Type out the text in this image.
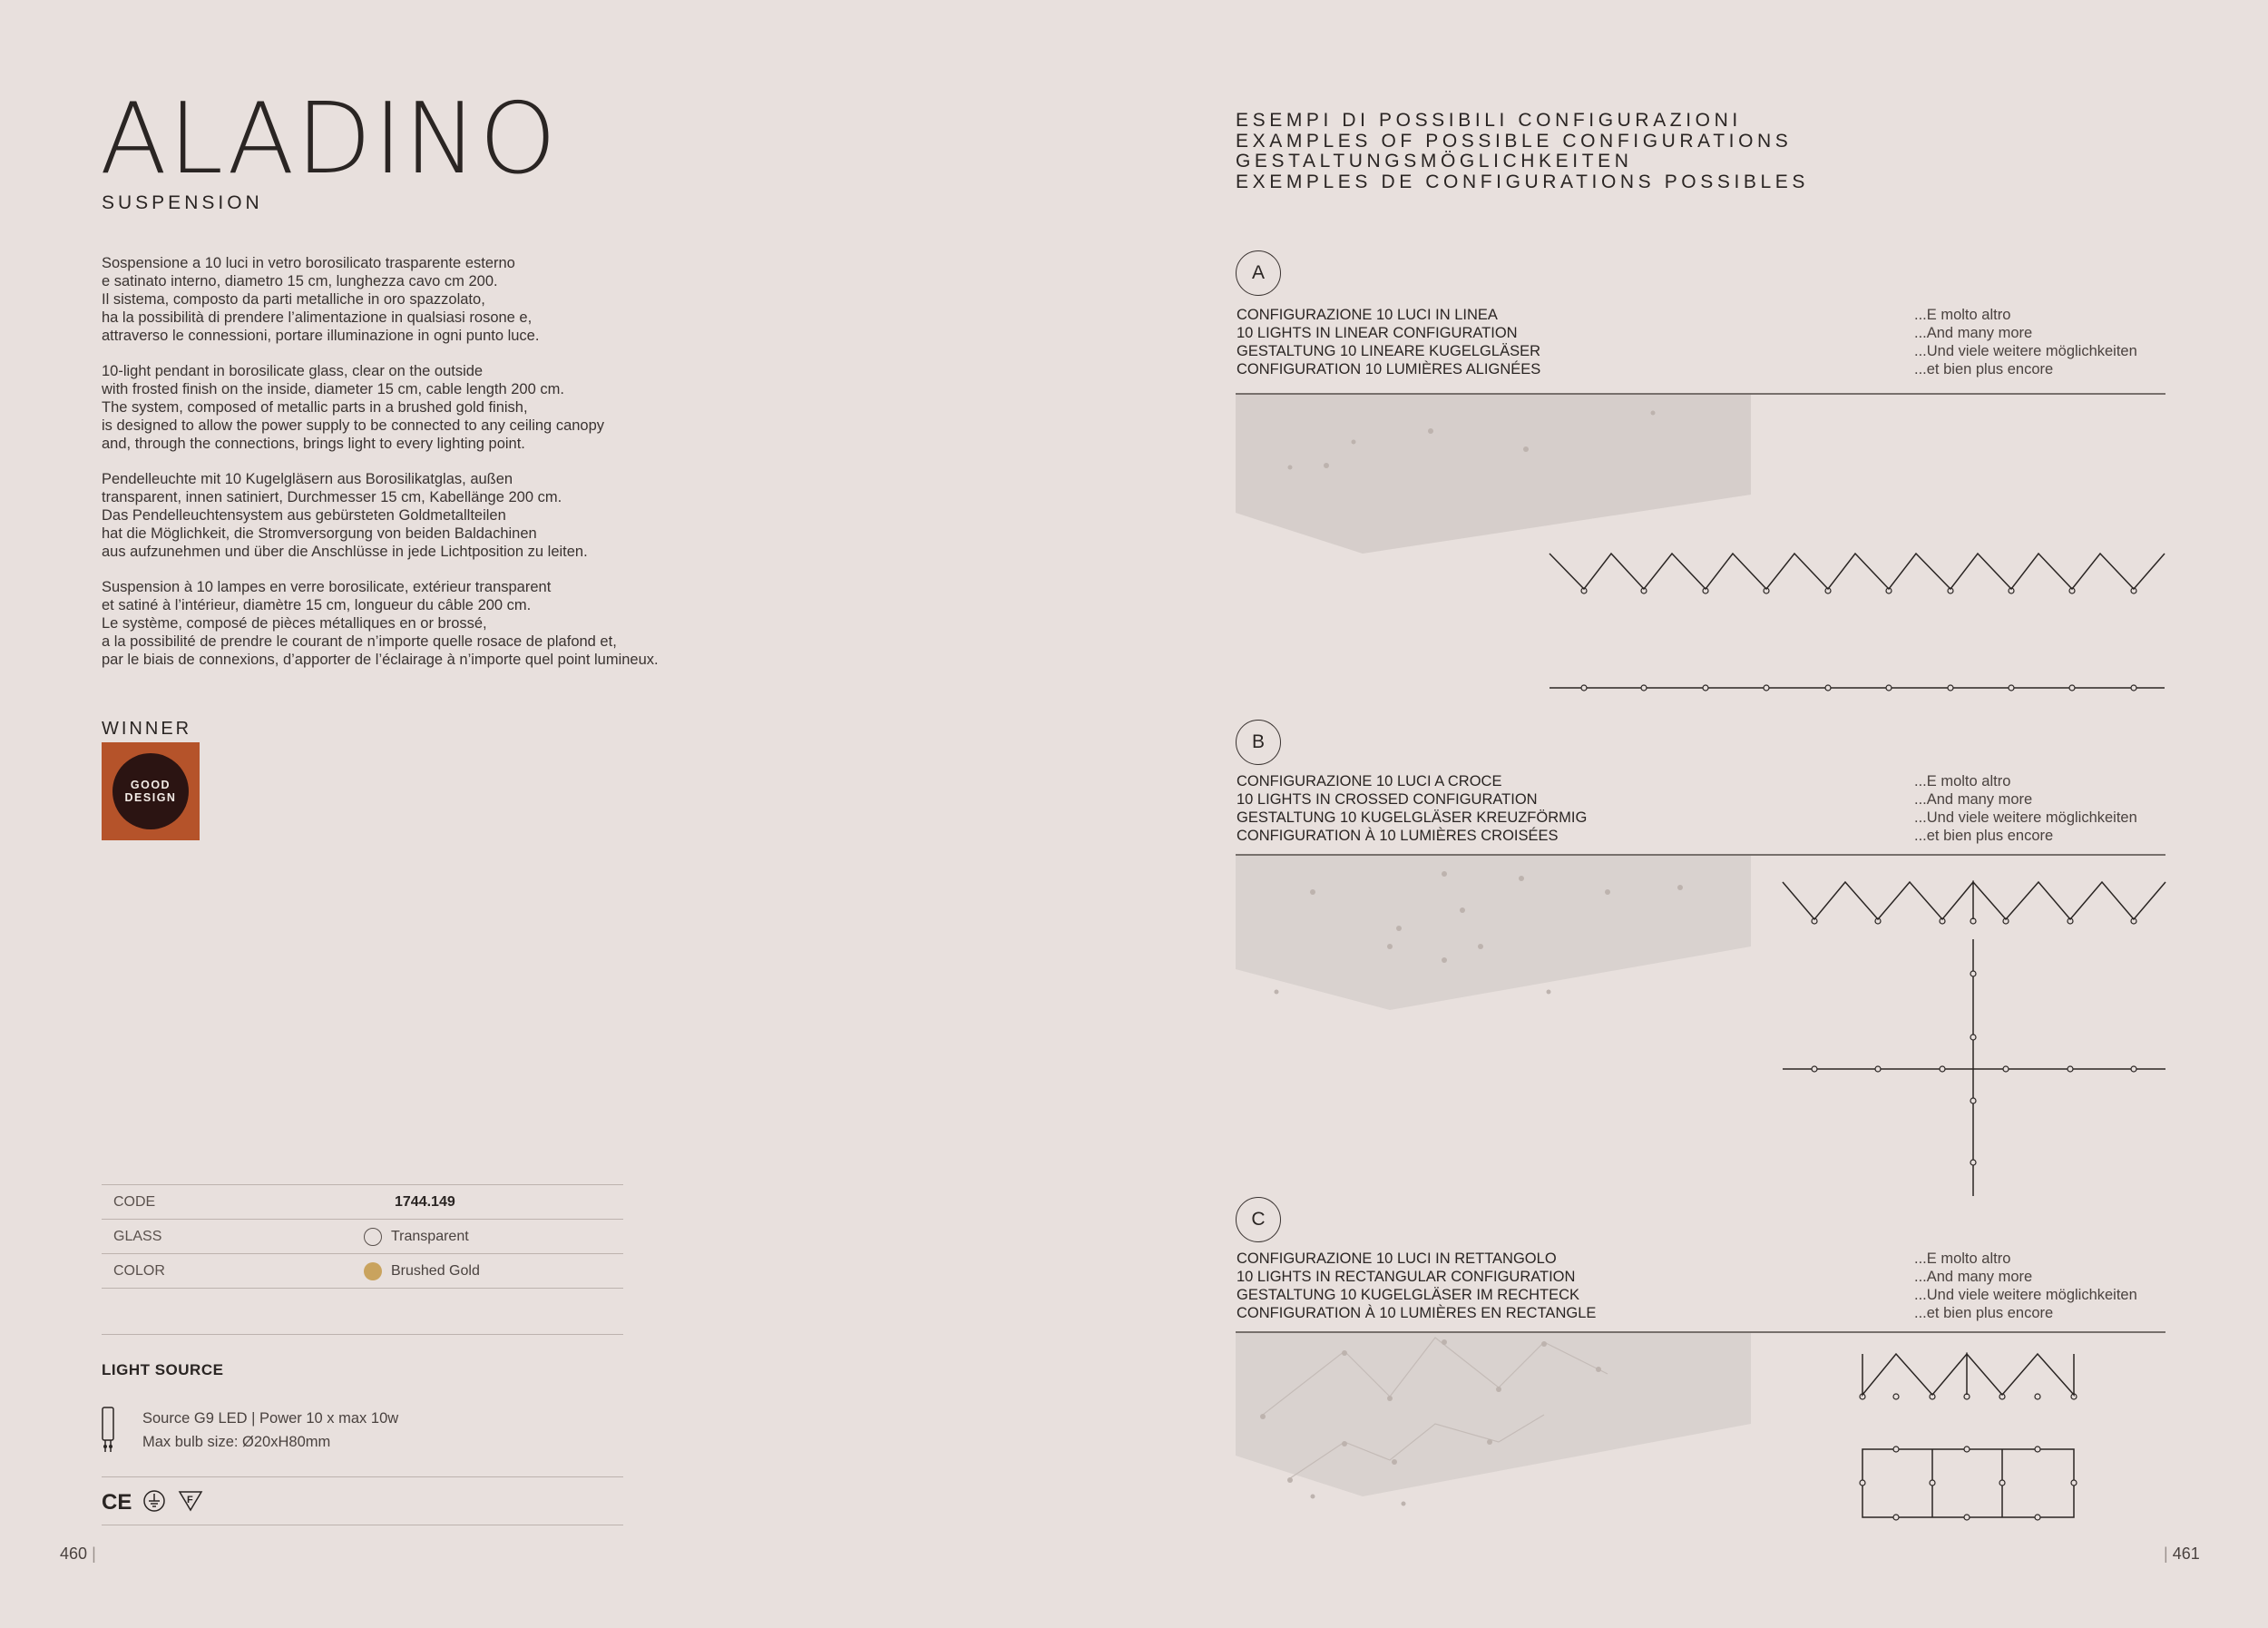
ALADINO
SUSPENSION

Sospensione a 10 luci in vetro borosilicato trasparente esterno
e satinato interno, diametro 15 cm, lunghezza cavo cm 200.
Il sistema, composto da parti metalliche in oro spazzolato,
ha la possibilità di prendere l’alimentazione in qualsiasi rosone e,
attraverso le connessioni, portare illuminazione in ogni punto luce.

10-light pendant in borosilicate glass, clear on the outside
with frosted finish on the inside, diameter 15 cm, cable length 200 cm.
The system, composed of metallic parts in a brushed gold finish,
is designed to allow the power supply to be connected to any ceiling canopy
and, through the connections, brings light to every lighting point.

Pendelleuchte mit 10 Kugelgläsern aus Borosilikatglas, außen
transparent, innen satiniert, Durchmesser 15 cm, Kabellänge 200 cm.
Das Pendelleuchtensystem aus gebürsteten Goldmetallteilen
hat die Möglichkeit, die Stromversorgung von beiden Baldachinen
aus aufzunehmen und über die Anschlüsse in jede Lichtposition zu leiten.

Suspension à 10 lampes en verre borosilicate, extérieur transparent
et satiné à l’intérieur, diamètre 15 cm, longueur du câble 200 cm.
Le système, composé de pièces métalliques en or brossé,
a la possibilité de prendre le courant de n’importe quelle rosace de plafond et,
par le biais de connexions, d’apporter de l’éclairage à n’importe quel point lumineux.

WINNER
GOOD
DESIGN
CODE	1744.149
GLASS	Transparent
COLOR	Brushed Gold
LIGHT SOURCE
Source G9 LED | Power 10 x max 10w
Max bulb size: Ø20xH80mm
CE	F
460 |	| 461
ESEMPI DI POSSIBILI CONFIGURAZIONI
EXAMPLES OF POSSIBLE CONFIGURATIONS
GESTALTUNGSMÖGLICHKEITEN
EXEMPLES DE CONFIGURATIONS POSSIBLES
A
CONFIGURAZIONE 10 LUCI IN LINEA
10 LIGHTS IN LINEAR CONFIGURATION
GESTALTUNG 10 LINEARE KUGELGLÄSER
CONFIGURATION 10 LUMIÈRES ALIGNÉES
...E molto altro
...And many more
...Und viele weitere möglichkeiten
...et bien plus encore
B
CONFIGURAZIONE 10 LUCI A CROCE
10 LIGHTS IN CROSSED CONFIGURATION
GESTALTUNG 10 KUGELGLÄSER KREUZFÖRMIG
CONFIGURATION À 10 LUMIÈRES CROISÉES
...E molto altro
...And many more
...Und viele weitere möglichkeiten
...et bien plus encore
C
CONFIGURAZIONE 10 LUCI IN RETTANGOLO
10 LIGHTS IN RECTANGULAR CONFIGURATION
GESTALTUNG 10 KUGELGLÄSER IM RECHTECK
CONFIGURATION À 10 LUMIÈRES EN RECTANGLE
...E molto altro
...And many more
...Und viele weitere möglichkeiten
...et bien plus encore
